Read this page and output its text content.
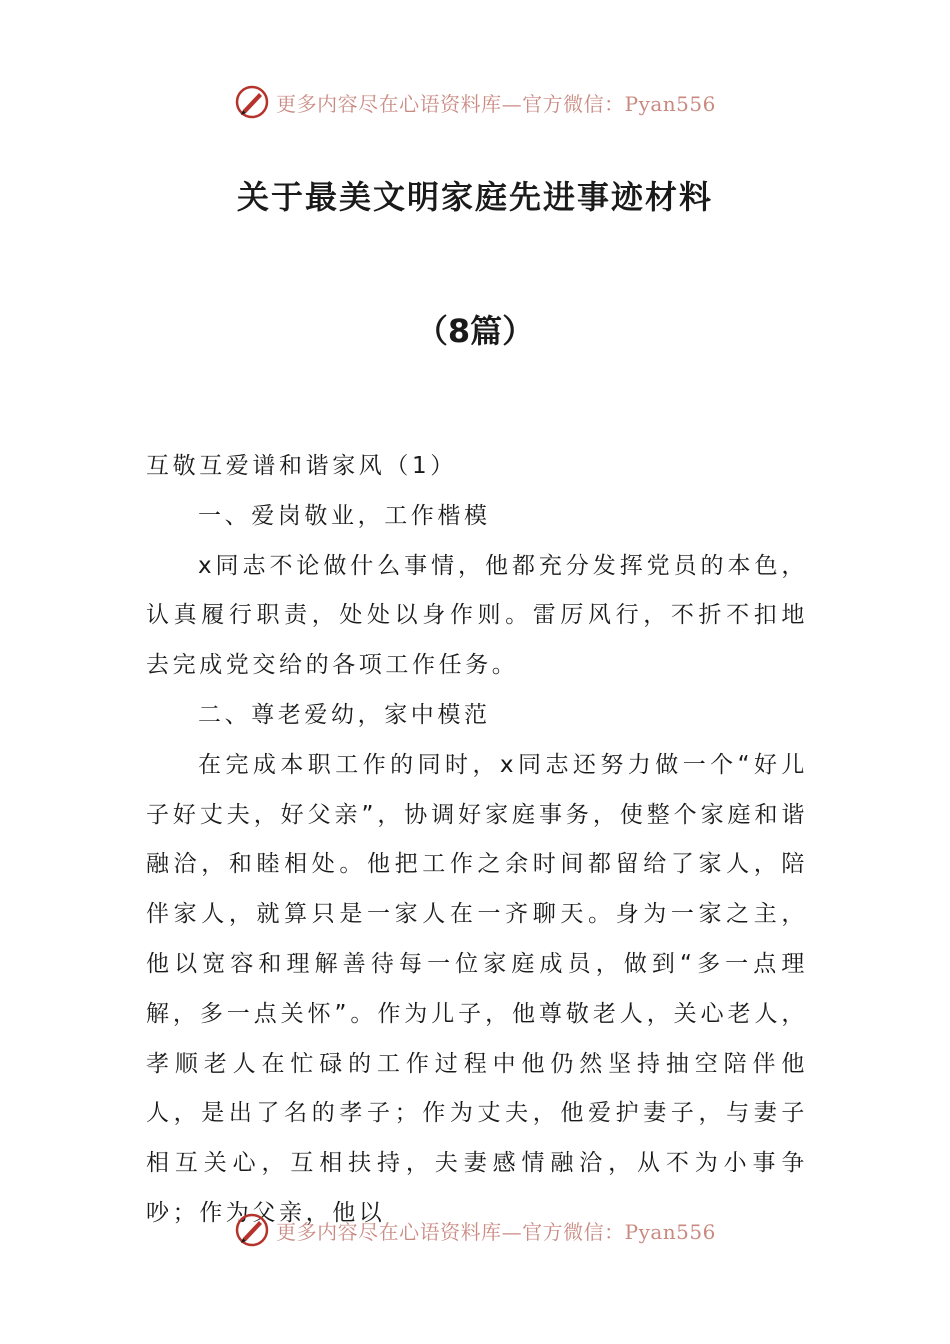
更多内容尽在心语资料库—官方微信：Pyan556
关于最美文明家庭先进事迹材料
（8篇）

互敬互爱谱和谐家风（1）

一、爱岗敬业，工作楷模

x同志不论做什么事情，他都充分发挥党员的本色，认真履行职责，处处以身作则。雷厉风行，不折不扣地去完成党交给的各项工作任务。

二、尊老爱幼，家中模范

在完成本职工作的同时，x同志还努力做一个“好儿子好丈夫，好父亲”，协调好家庭事务，使整个家庭和谐融洽，和睦相处。他把工作之余时间都留给了家人，陪伴家人，就算只是一家人在一齐聊天。身为一家之主，他以宽容和理解善待每一位家庭成员，做到“多一点理解，多一点关怀”。作为儿子，他尊敬老人，关心老人，孝顺老人在忙碌的工作过程中他仍然坚持抽空陪伴他人，是出了名的孝子；作为丈夫，他爱护妻子，与妻子相互关心，互相扶持，夫妻感情融洽，从不为小事争吵；作为父亲，他以

更多内容尽在心语资料库—官方微信：Pyan556
